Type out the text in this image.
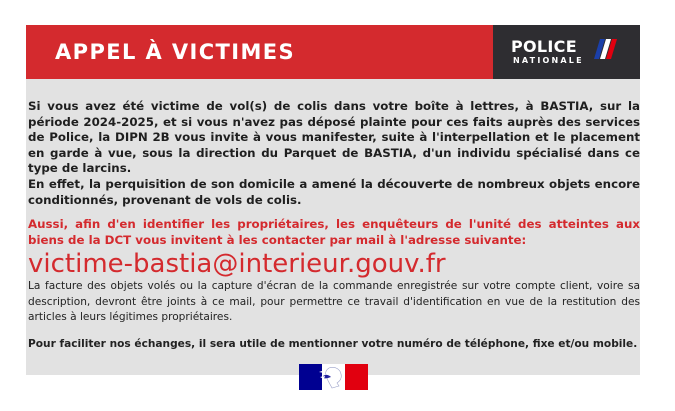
APPEL À VICTIMES	POLICE
NATIONALE

Si vous avez été victime de vol(s) de colis dans votre boîte à lettres, à BASTIA, sur la période 2024-2025, et si vous n'avez pas déposé plainte pour ces faits auprès des services de Police, la DIPN 2B vous invite à vous manifester, suite à l'interpellation et le placement en garde à vue, sous la direction du Parquet de BASTIA, d'un individu spécialisé dans ce type de larcins.
En effet, la perquisition de son domicile a amené la découverte de nombreux objets encore conditionnés, provenant de vols de colis.

Aussi, afin d'en identifier les propriétaires, les enquêteurs de l'unité des atteintes aux biens de la DCT vous invitent à les contacter par mail à l'adresse suivante:

victime-bastia@interieur.gouv.fr

La facture des objets volés ou la capture d'écran de la commande enregistrée sur votre compte client, voire sa description, devront être joints à ce mail, pour permettre ce travail d'identification en vue de la restitution des articles à leurs légitimes propriétaires.

Pour faciliter nos échanges, il sera utile de mentionner votre numéro de téléphone, fixe et/ou mobile.
